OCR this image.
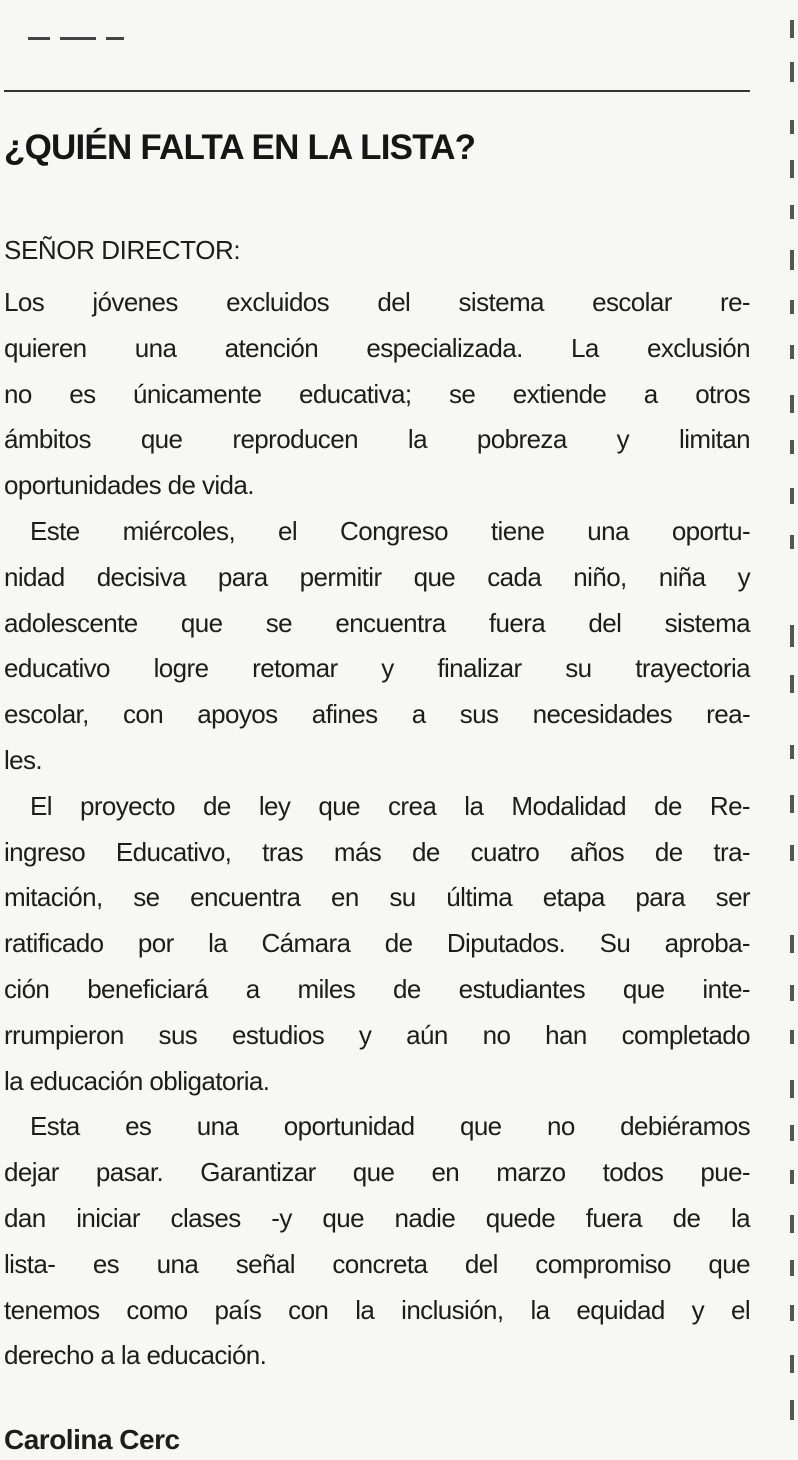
¿QUIÉN FALTA EN LA LISTA?
SEÑOR DIRECTOR:
Los jóvenes excluidos del sistema escolar re-
quieren una atención especializada. La exclusión
no es únicamente educativa; se extiende a otros
ámbitos que reproducen la pobreza y limitan
oportunidades de vida.
Este miércoles, el Congreso tiene una oportu-
nidad decisiva para permitir que cada niño, niña y
adolescente que se encuentra fuera del sistema
educativo logre retomar y finalizar su trayectoria
escolar, con apoyos afines a sus necesidades rea-
les.
El proyecto de ley que crea la Modalidad de Re-
ingreso Educativo, tras más de cuatro años de tra-
mitación, se encuentra en su última etapa para ser
ratificado por la Cámara de Diputados. Su aproba-
ción beneficiará a miles de estudiantes que inte-
rrumpieron sus estudios y aún no han completado
la educación obligatoria.
Esta es una oportunidad que no debiéramos
dejar pasar. Garantizar que en marzo todos pue-
dan iniciar clases -y que nadie quede fuera de la
lista- es una señal concreta del compromiso que
tenemos como país con la inclusión, la equidad y el
derecho a la educación.
Carolina Cerc
